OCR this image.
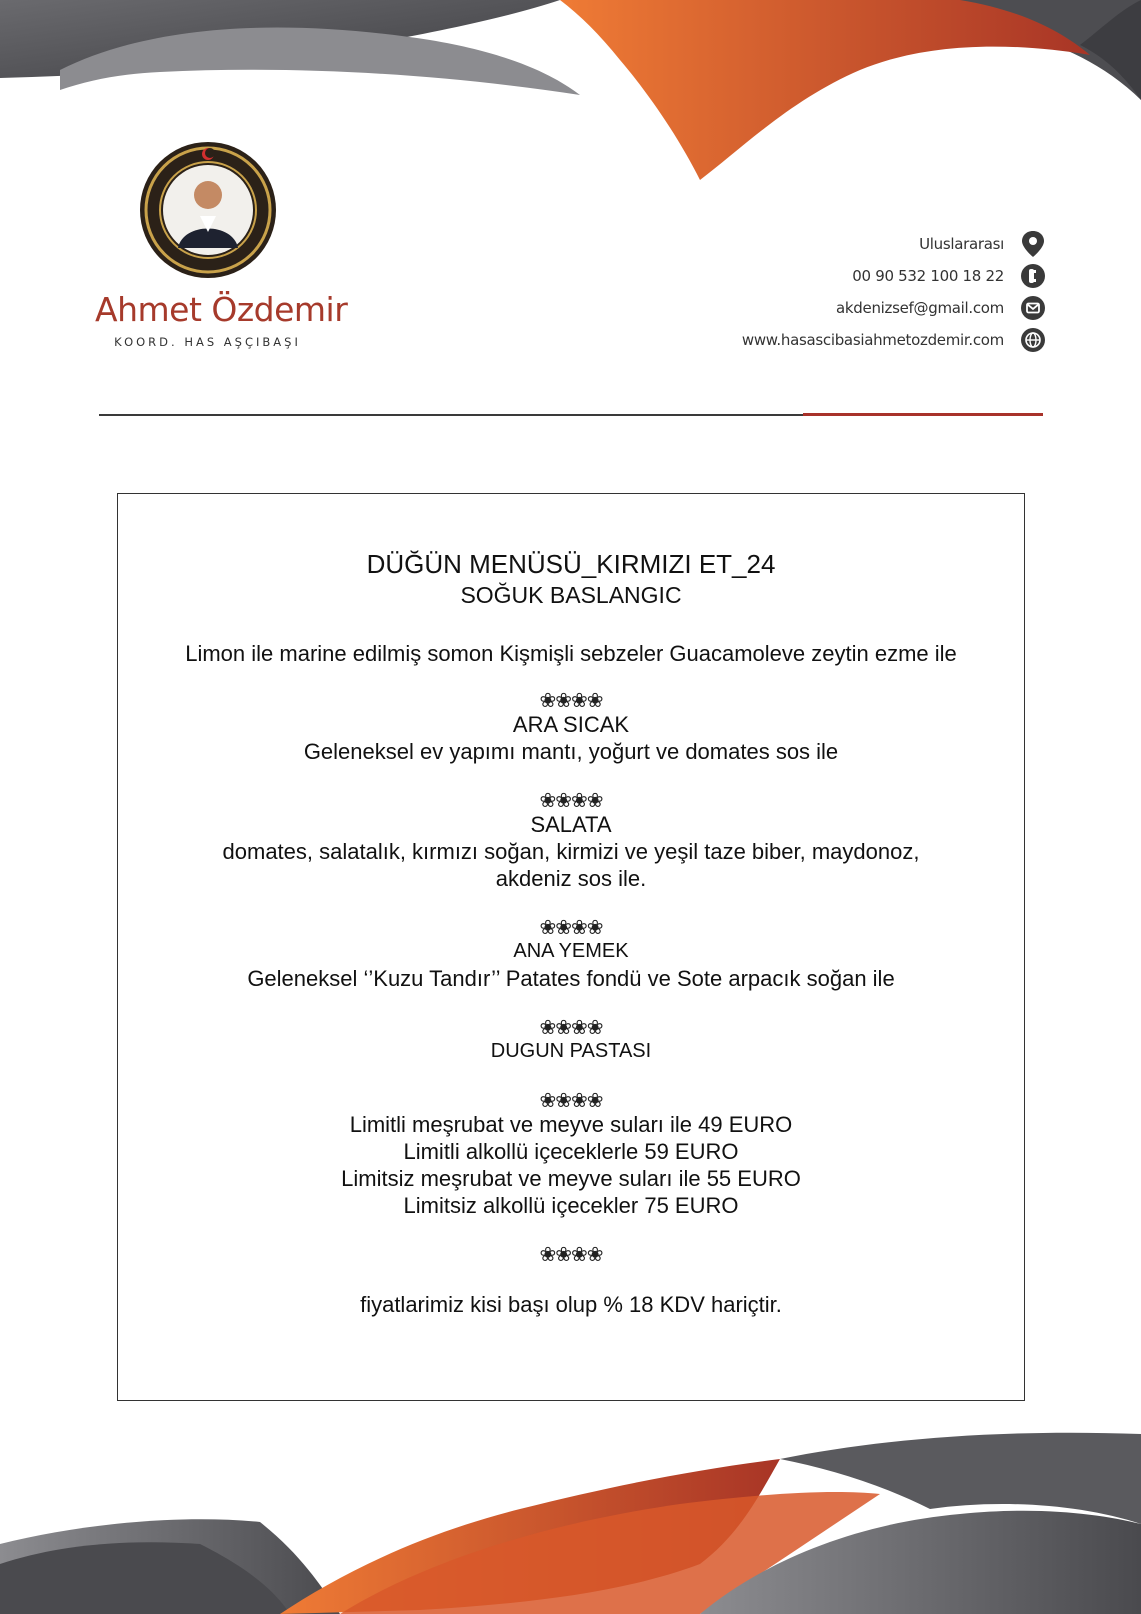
Ahmet Özdemir
KOORD. HAS AŞÇIBAŞI
Uluslararası
00 90 532 100 18 22
akdenizsef@gmail.com
www.hasascibasiahmetozdemir.com
DÜĞÜN MENÜSÜ_KIRMIZI ET_24
SOĞUK BASLANGIC
Limon ile marine edilmiş somon Kişmişli sebzeler Guacamoleve zeytin ezme ile
❀❀❀❀
ARA SICAK
Geleneksel ev yapımı mantı, yoğurt ve domates sos ile
❀❀❀❀
SALATA
domates, salatalık, kırmızı soğan, kirmizi ve yeşil taze biber, maydonoz,
akdeniz sos ile.
❀❀❀❀
ANA YEMEK
Geleneksel ‘’Kuzu Tandır’’ Patates fondü ve Sote arpacık soğan ile
❀❀❀❀
DUGUN PASTASI
❀❀❀❀
Limitli meşrubat ve meyve suları ile 49 EURO
Limitli alkollü içeceklerle 59 EURO
Limitsiz meşrubat ve meyve suları ile 55 EURO
Limitsiz alkollü içecekler 75 EURO
❀❀❀❀
fiyatlarimiz kisi başı olup % 18 KDV hariçtir.
